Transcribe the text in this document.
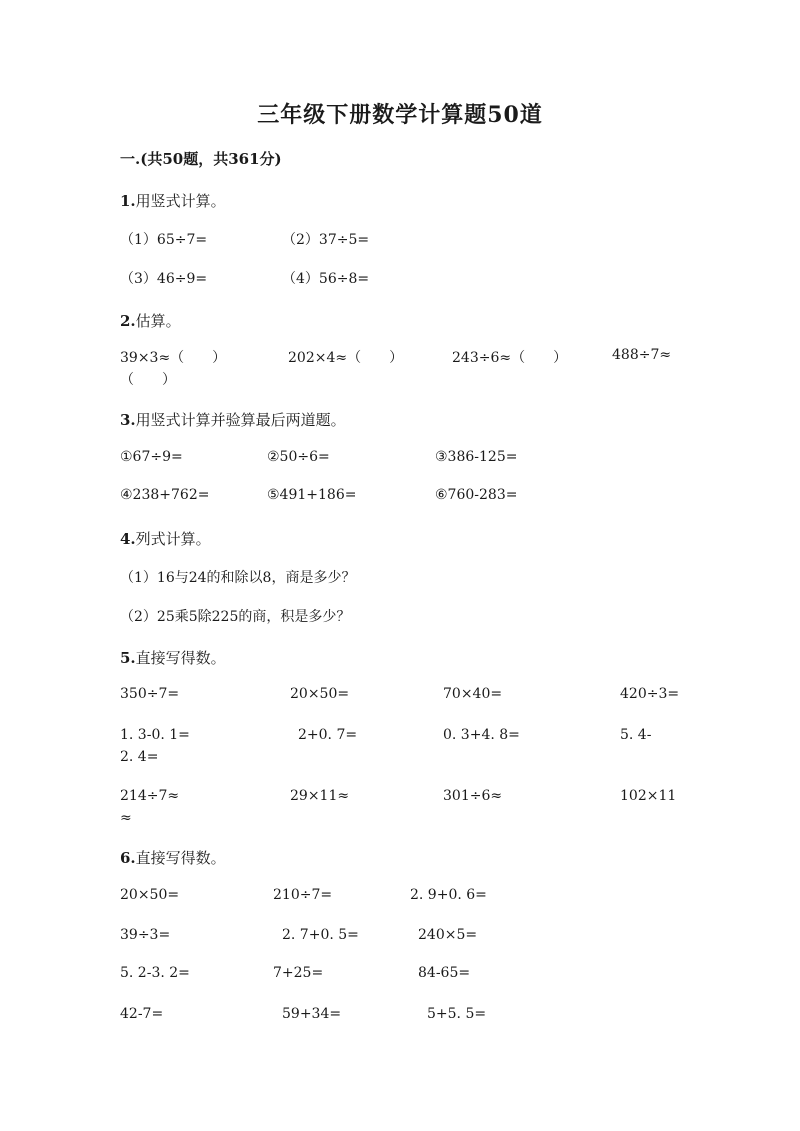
三年级下册数学计算题50道
一.(共50题，共361分)
1.用竖式计算。
（1）65÷7=	（2）37÷5=
（3）46÷9=	（4）56÷8=
2.估算。
39×3≈（　　）	202×4≈（　　）	243÷6≈（　　）	488÷7≈
（　　）
3.用竖式计算并验算最后两道题。
①67÷9=	②50÷6=	③386-125=
④238+762=	⑤491+186=	⑥760-283=
4.列式计算。
（1）16与24的和除以8，商是多少？
（2）25乘5除225的商，积是多少？
5.直接写得数。
350÷7=	20×50=	70×40=	420÷3=
1. 3-0. 1=	2+0. 7=	0. 3+4. 8=	5. 4-
2. 4=
214÷7≈	29×11≈	301÷6≈	102×11
≈
6.直接写得数。
20×50=	210÷7=	2. 9+0. 6=
39÷3=	2. 7+0. 5=	240×5=
5. 2-3. 2=	7+25=	84-65=
42-7=	59+34=	5+5. 5=
